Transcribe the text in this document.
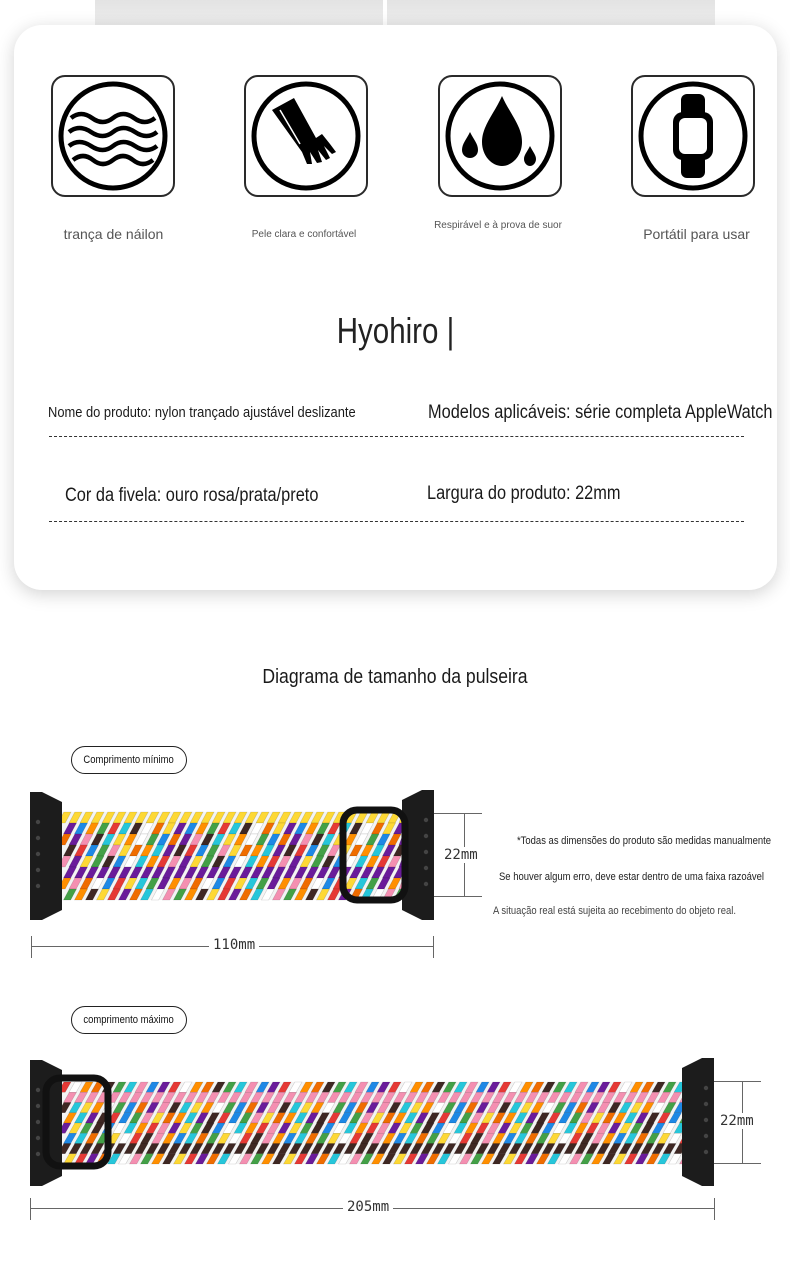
trança de náilon	Pele clara e confortável
Respirável e à prova de suor
Portátil para usar
Hyohiro |
Nome do produto: nylon trançado ajustável deslizante	Modelos aplicáveis: série completa AppleWatch
Cor da fivela: ouro rosa/prata/preto	Largura do produto: 22mm
Diagrama de tamanho da pulseira
Comprimento mínimo
22mm
110mm
*Todas as dimensões do produto são medidas manualmente
Se houver algum erro, deve estar dentro de uma faixa razoável
A situação real está sujeita ao recebimento do objeto real.
comprimento máximo
22mm
205mm
